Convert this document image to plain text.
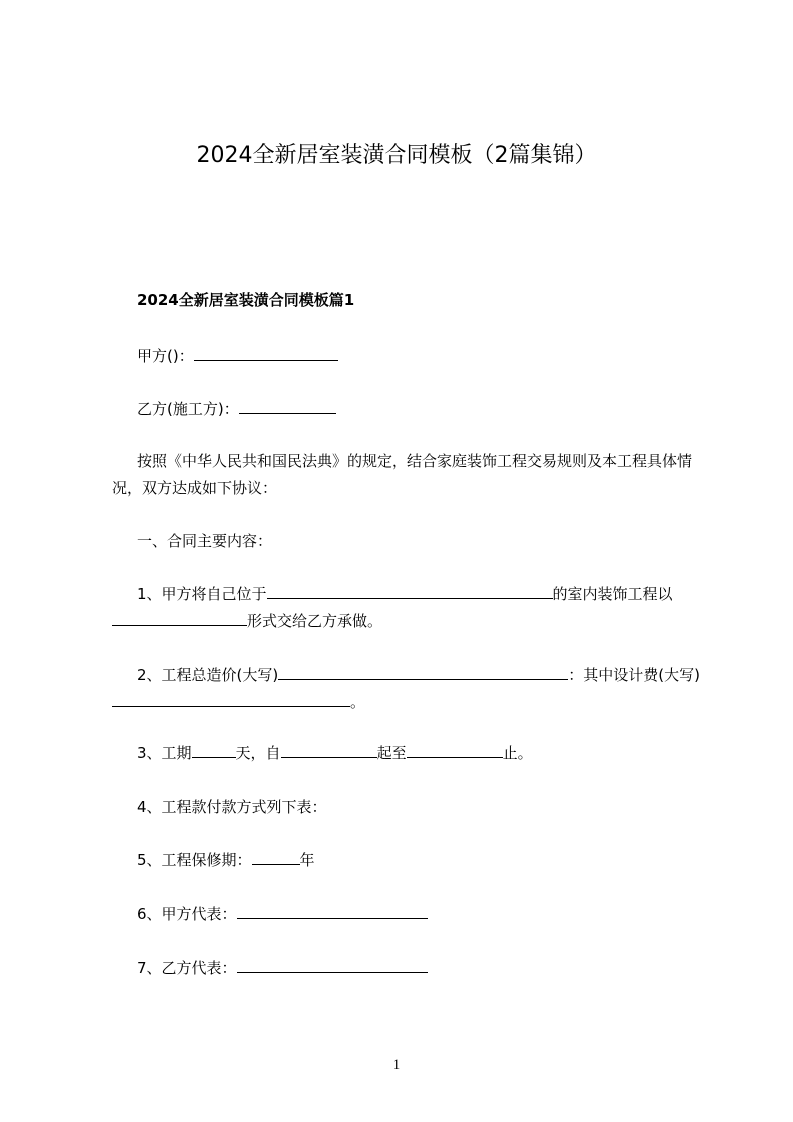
2024全新居室装潢合同模板（2篇集锦）
2024全新居室装潢合同模板篇1
甲方()：
乙方(施工方)：
按照《中华人民共和国民法典》的规定，结合家庭装饰工程交易规则及本工程具体情况，双方达成如下协议：
一、合同主要内容：
1、甲方将自己位于	的室内装饰工程以形式交给乙方承做。
2、工程总造价(大写)	：其中设计费(大写)。
3、工期	天，自	起至	止。
4、工程款付款方式列下表：
5、工程保修期：	年
6、甲方代表：
7、乙方代表：
1
